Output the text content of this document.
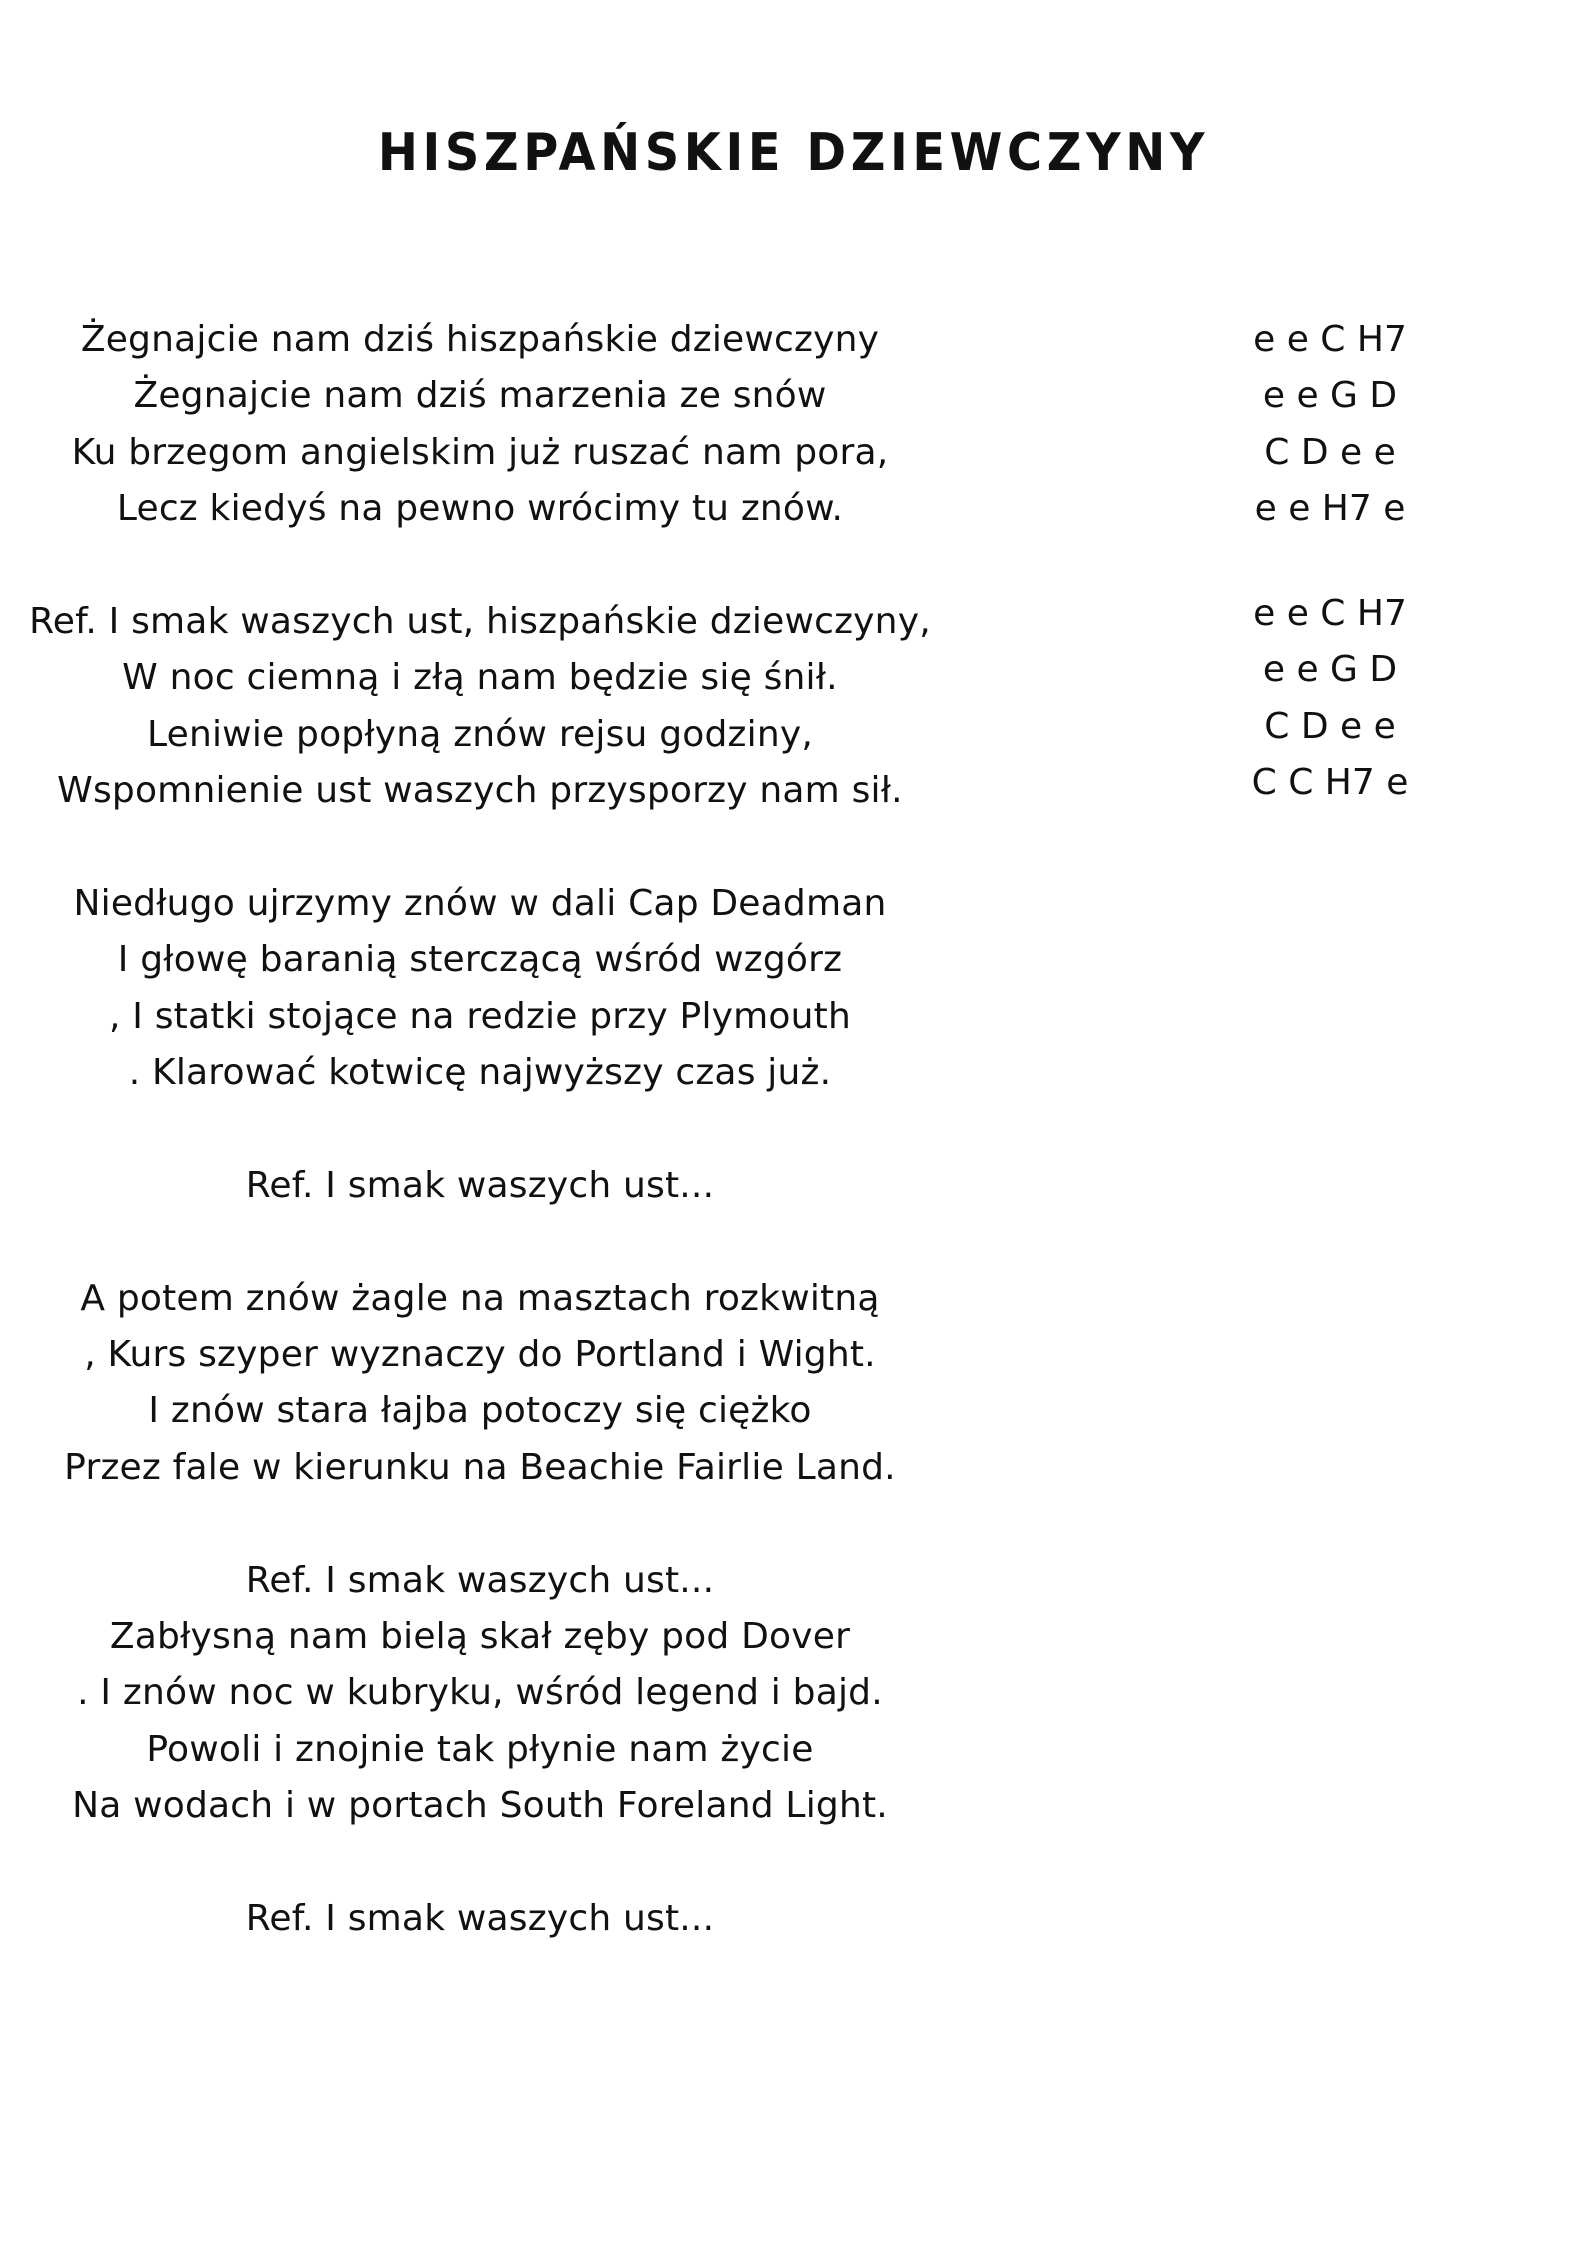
HISZPAŃSKIE DZIEWCZYNY
Żegnajcie nam dziś hiszpańskie dziewczyny
Żegnajcie nam dziś marzenia ze snów
Ku brzegom angielskim już ruszać nam pora,
Lecz kiedyś na pewno wrócimy tu znów.
Ref. I smak waszych ust, hiszpańskie dziewczyny,
W noc ciemną i złą nam będzie się śnił.
Leniwie popłyną znów rejsu godziny,
Wspomnienie ust waszych przysporzy nam sił.
Niedługo ujrzymy znów w dali Cap Deadman
I głowę baranią sterczącą wśród wzgórz
, I statki stojące na redzie przy Plymouth
. Klarować kotwicę najwyższy czas już.
Ref. I smak waszych ust...
A potem znów żagle na masztach rozkwitną
, Kurs szyper wyznaczy do Portland i Wight.
I znów stara łajba potoczy się ciężko
Przez fale w kierunku na Beachie Fairlie Land.
Ref. I smak waszych ust...
Zabłysną nam bielą skał zęby pod Dover
. I znów noc w kubryku, wśród legend i bajd.
Powoli i znojnie tak płynie nam życie
Na wodach i w portach South Foreland Light.
Ref. I smak waszych ust...
e e C H7
e e G D
C D e e
e e H7 e
e e C H7
e e G D
C D e e
C C H7 e
